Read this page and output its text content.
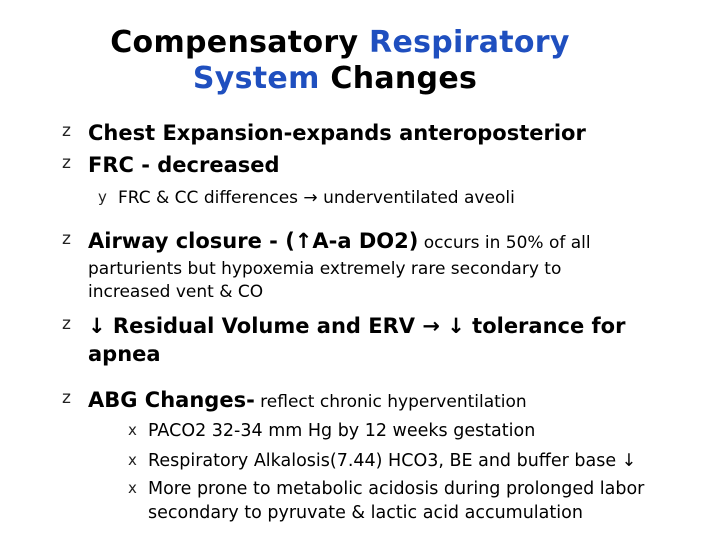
Compensatory Respiratory
System Changes
z Chest Expansion-expands anteroposterior
z FRC - decreased
y FRC & CC differences → underventilated aveoli
z Airway closure - (↑A-a DO2) occurs in 50% of all
parturients but hypoxemia extremely rare secondary to
increased vent & CO
z ↓ Residual Volume and ERV → ↓ tolerance for
apnea
z ABG Changes- reflect chronic hyperventilation
x PACO2 32-34 mm Hg by 12 weeks gestation
x Respiratory Alkalosis(7.44) HCO3, BE and buffer base ↓
x More prone to metabolic acidosis during prolonged labor
secondary to pyruvate & lactic acid accumulation
